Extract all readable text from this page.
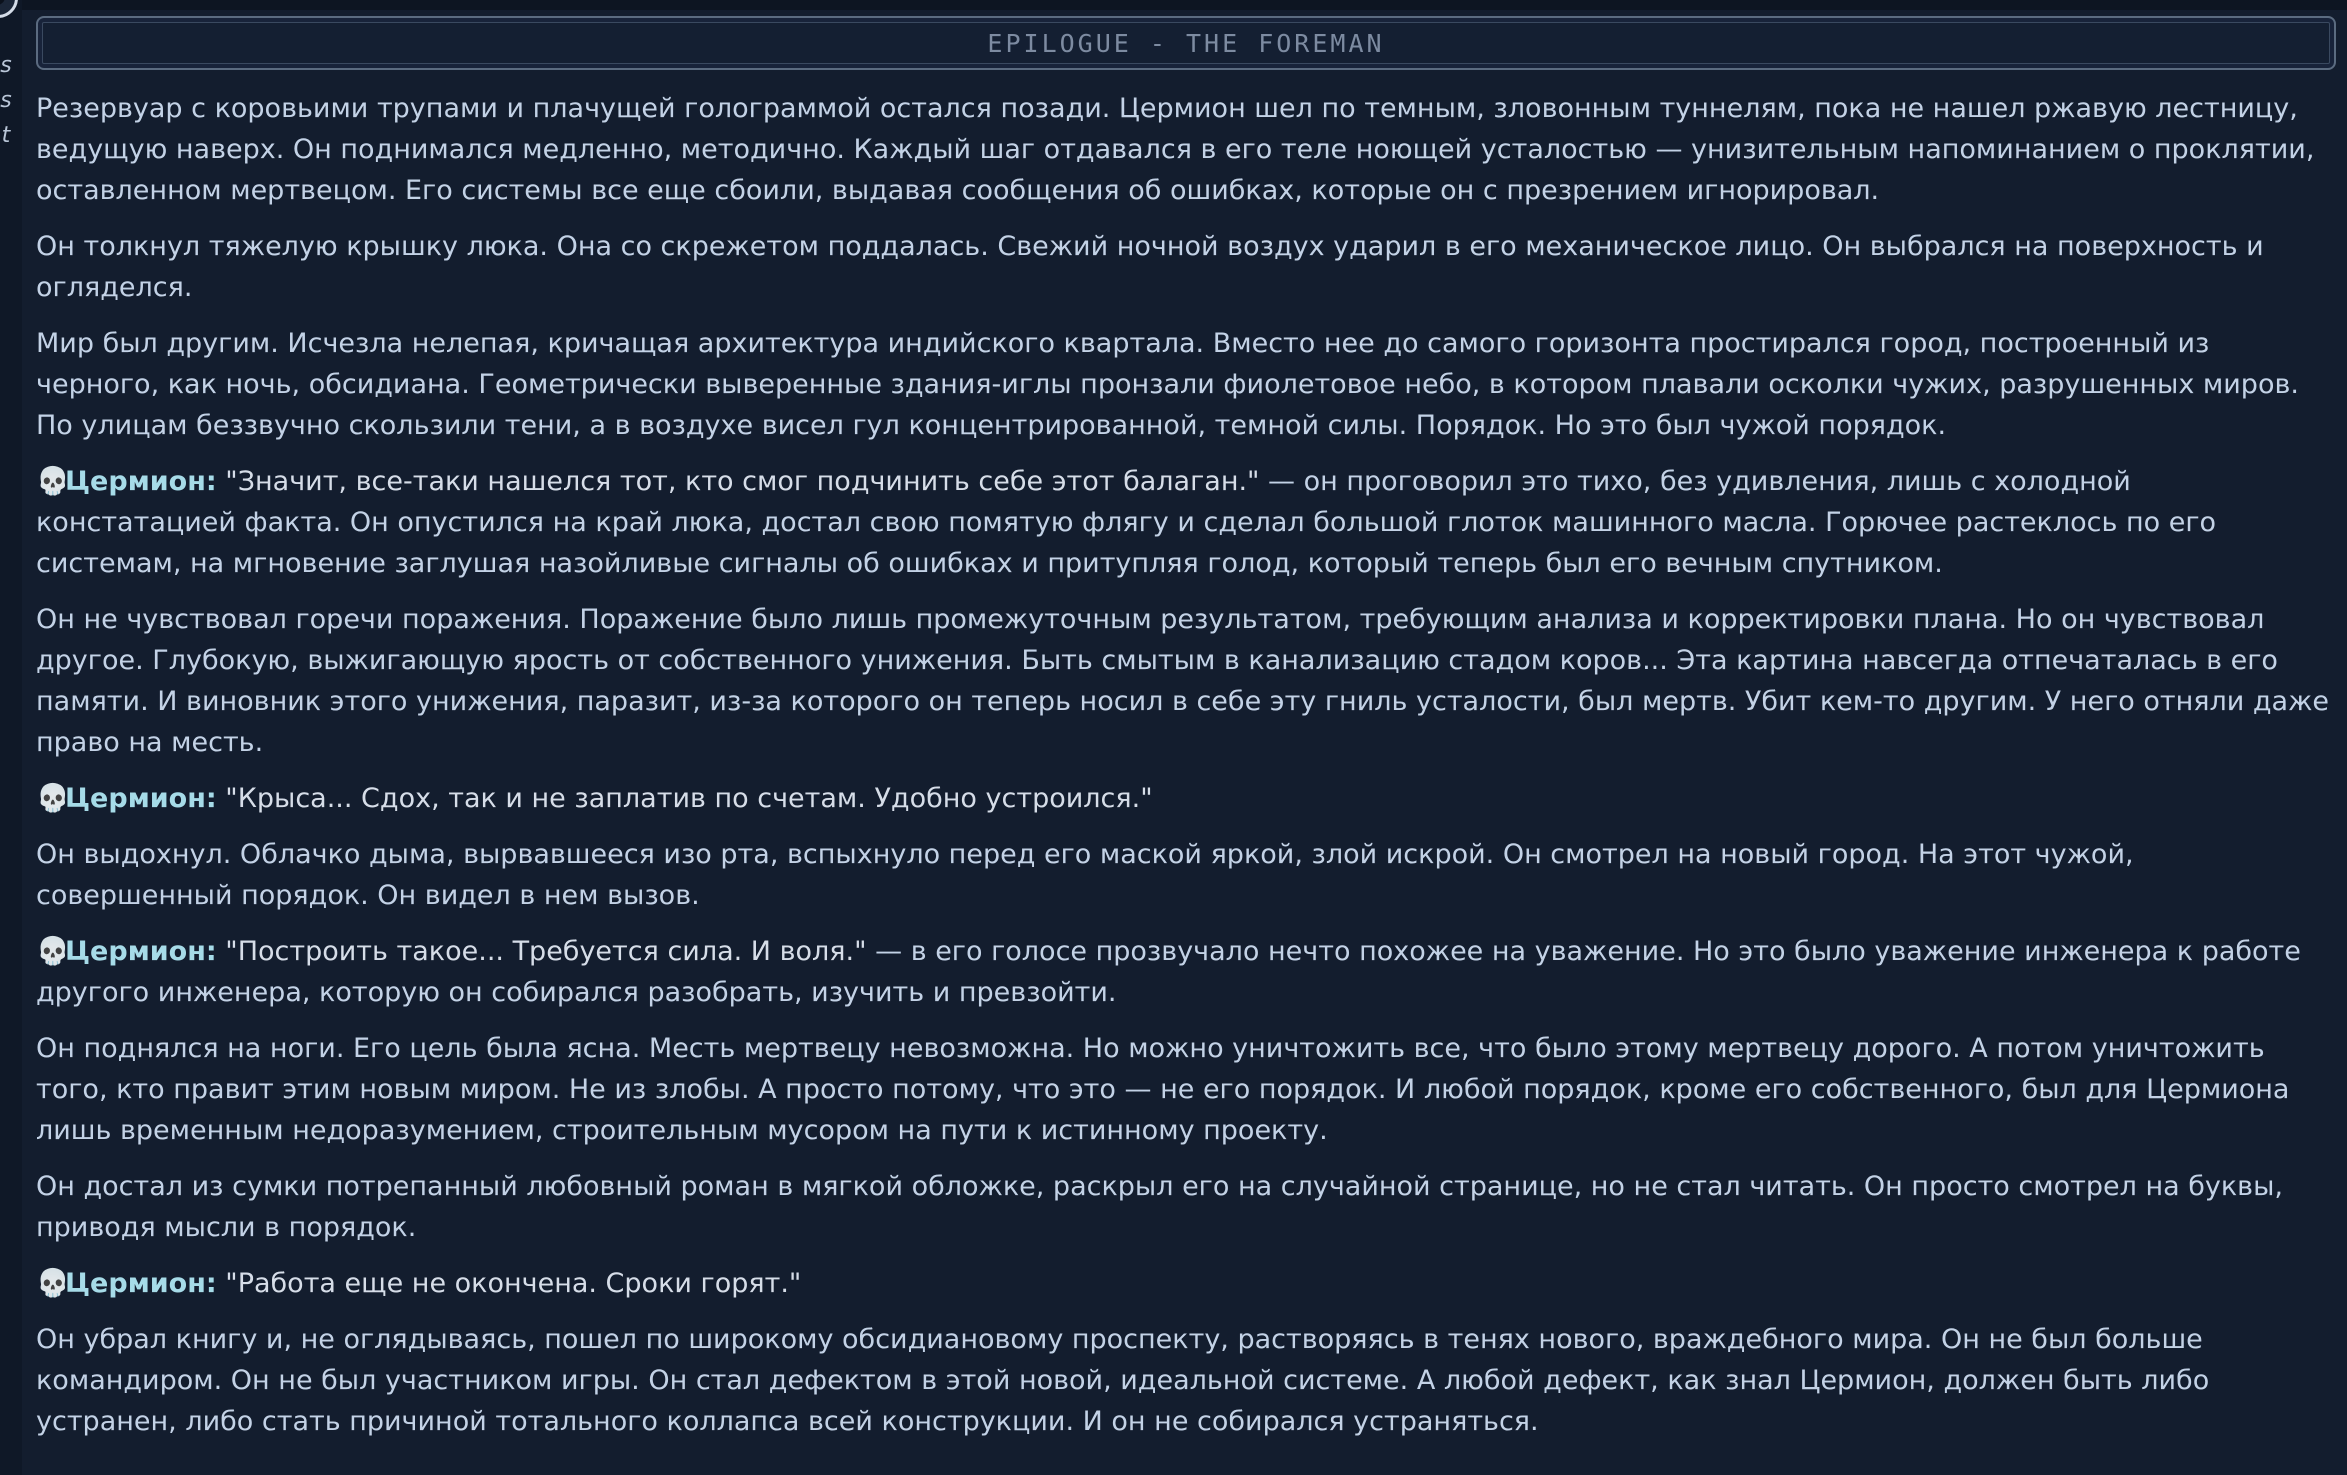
s
s
t
EPILOGUE - THE FOREMAN

Резервуар с коровьими трупами и плачущей голограммой остался позади. Цермион шел по темным, зловонным туннелям, пока не нашел ржавую лестницу, ведущую наверх. Он поднимался медленно, методично. Каждый шаг отдавался в его теле ноющей усталостью — унизительным напоминанием о проклятии, оставленном мертвецом. Его системы все еще сбоили, выдавая сообщения об ошибках, которые он с презрением игнорировал.

Он толкнул тяжелую крышку люка. Она со скрежетом поддалась. Свежий ночной воздух ударил в его механическое лицо. Он выбрался на поверхность и огляделся.

Мир был другим. Исчезла нелепая, кричащая архитектура индийского квартала. Вместо нее до самого горизонта простирался город, построенный из черного, как ночь, обсидиана. Геометрически выверенные здания-иглы пронзали фиолетовое небо, в котором плавали осколки чужих, разрушенных миров. По улицам беззвучно скользили тени, а в воздухе висел гул концентрированной, темной силы. Порядок. Но это был чужой порядок.

💀Цермион: "Значит, все-таки нашелся тот, кто смог подчинить себе этот балаган." — он проговорил это тихо, без удивления, лишь с холодной констатацией факта. Он опустился на край люка, достал свою помятую флягу и сделал большой глоток машинного масла. Горючее растеклось по его системам, на мгновение заглушая назойливые сигналы об ошибках и притупляя голод, который теперь был его вечным спутником.

Он не чувствовал горечи поражения. Поражение было лишь промежуточным результатом, требующим анализа и корректировки плана. Но он чувствовал другое. Глубокую, выжигающую ярость от собственного унижения. Быть смытым в канализацию стадом коров... Эта картина навсегда отпечаталась в его памяти. И виновник этого унижения, паразит, из-за которого он теперь носил в себе эту гниль усталости, был мертв. Убит кем-то другим. У него отняли даже право на месть.

💀Цермион: "Крыса... Сдох, так и не заплатив по счетам. Удобно устроился."

Он выдохнул. Облачко дыма, вырвавшееся изо рта, вспыхнуло перед его маской яркой, злой искрой. Он смотрел на новый город. На этот чужой, совершенный порядок. Он видел в нем вызов.

💀Цермион: "Построить такое... Требуется сила. И воля." — в его голосе прозвучало нечто похожее на уважение. Но это было уважение инженера к работе другого инженера, которую он собирался разобрать, изучить и превзойти.

Он поднялся на ноги. Его цель была ясна. Месть мертвецу невозможна. Но можно уничтожить все, что было этому мертвецу дорого. А потом уничтожить того, кто правит этим новым миром. Не из злобы. А просто потому, что это — не его порядок. И любой порядок, кроме его собственного, был для Цермиона лишь временным недоразумением, строительным мусором на пути к истинному проекту.

Он достал из сумки потрепанный любовный роман в мягкой обложке, раскрыл его на случайной странице, но не стал читать. Он просто смотрел на буквы, приводя мысли в порядок.

💀Цермион: "Работа еще не окончена. Сроки горят."

Он убрал книгу и, не оглядываясь, пошел по широкому обсидиановому проспекту, растворяясь в тенях нового, враждебного мира. Он не был больше командиром. Он не был участником игры. Он стал дефектом в этой новой, идеальной системе. А любой дефект, как знал Цермион, должен быть либо устранен, либо стать причиной тотального коллапса всей конструкции. И он не собирался устраняться.
